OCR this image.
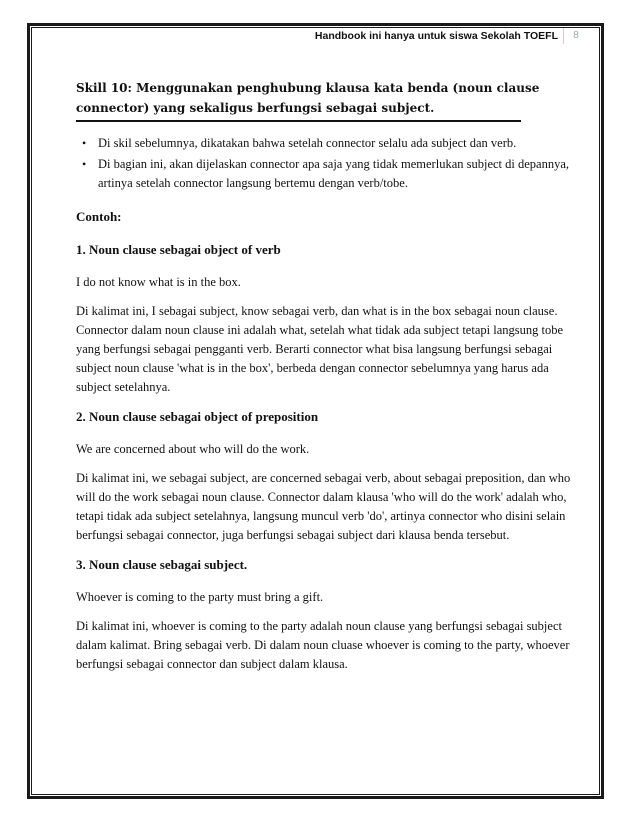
Handbook ini hanya untuk siswa Sekolah TOEFL	8

Skill 10: Menggunakan penghubung klausa kata benda (noun clause

connector) yang sekaligus berfungsi sebagai subject.

• Di skil sebelumnya, dikatakan bahwa setelah connector selalu ada subject dan verb.
• Di bagian ini, akan dijelaskan connector apa saja yang tidak memerlukan subject di depannya, artinya setelah connector langsung bertemu dengan verb/tobe.

Contoh:

1. Noun clause sebagai object of verb

I do not know what is in the box.

Di kalimat ini, I sebagai subject, know sebagai verb, dan what is in the box sebagai noun clause. Connector dalam noun clause ini adalah what, setelah what tidak ada subject tetapi langsung tobe yang berfungsi sebagai pengganti verb. Berarti connector what bisa langsung berfungsi sebagai subject noun clause 'what is in the box', berbeda dengan connector sebelumnya yang harus ada subject setelahnya.

2. Noun clause sebagai object of preposition

We are concerned about who will do the work.

Di kalimat ini, we sebagai subject, are concerned sebagai verb, about sebagai preposition, dan who will do the work sebagai noun clause. Connector dalam klausa 'who will do the work' adalah who, tetapi tidak ada subject setelahnya, langsung muncul verb 'do', artinya connector who disini selain berfungsi sebagai connector, juga berfungsi sebagai subject dari klausa benda tersebut.

3. Noun clause sebagai subject.

Whoever is coming to the party must bring a gift.

Di kalimat ini, whoever is coming to the party adalah noun clause yang berfungsi sebagai subject dalam kalimat. Bring sebagai verb. Di dalam noun cluase whoever is coming to the party, whoever berfungsi sebagai connector dan subject dalam klausa.
